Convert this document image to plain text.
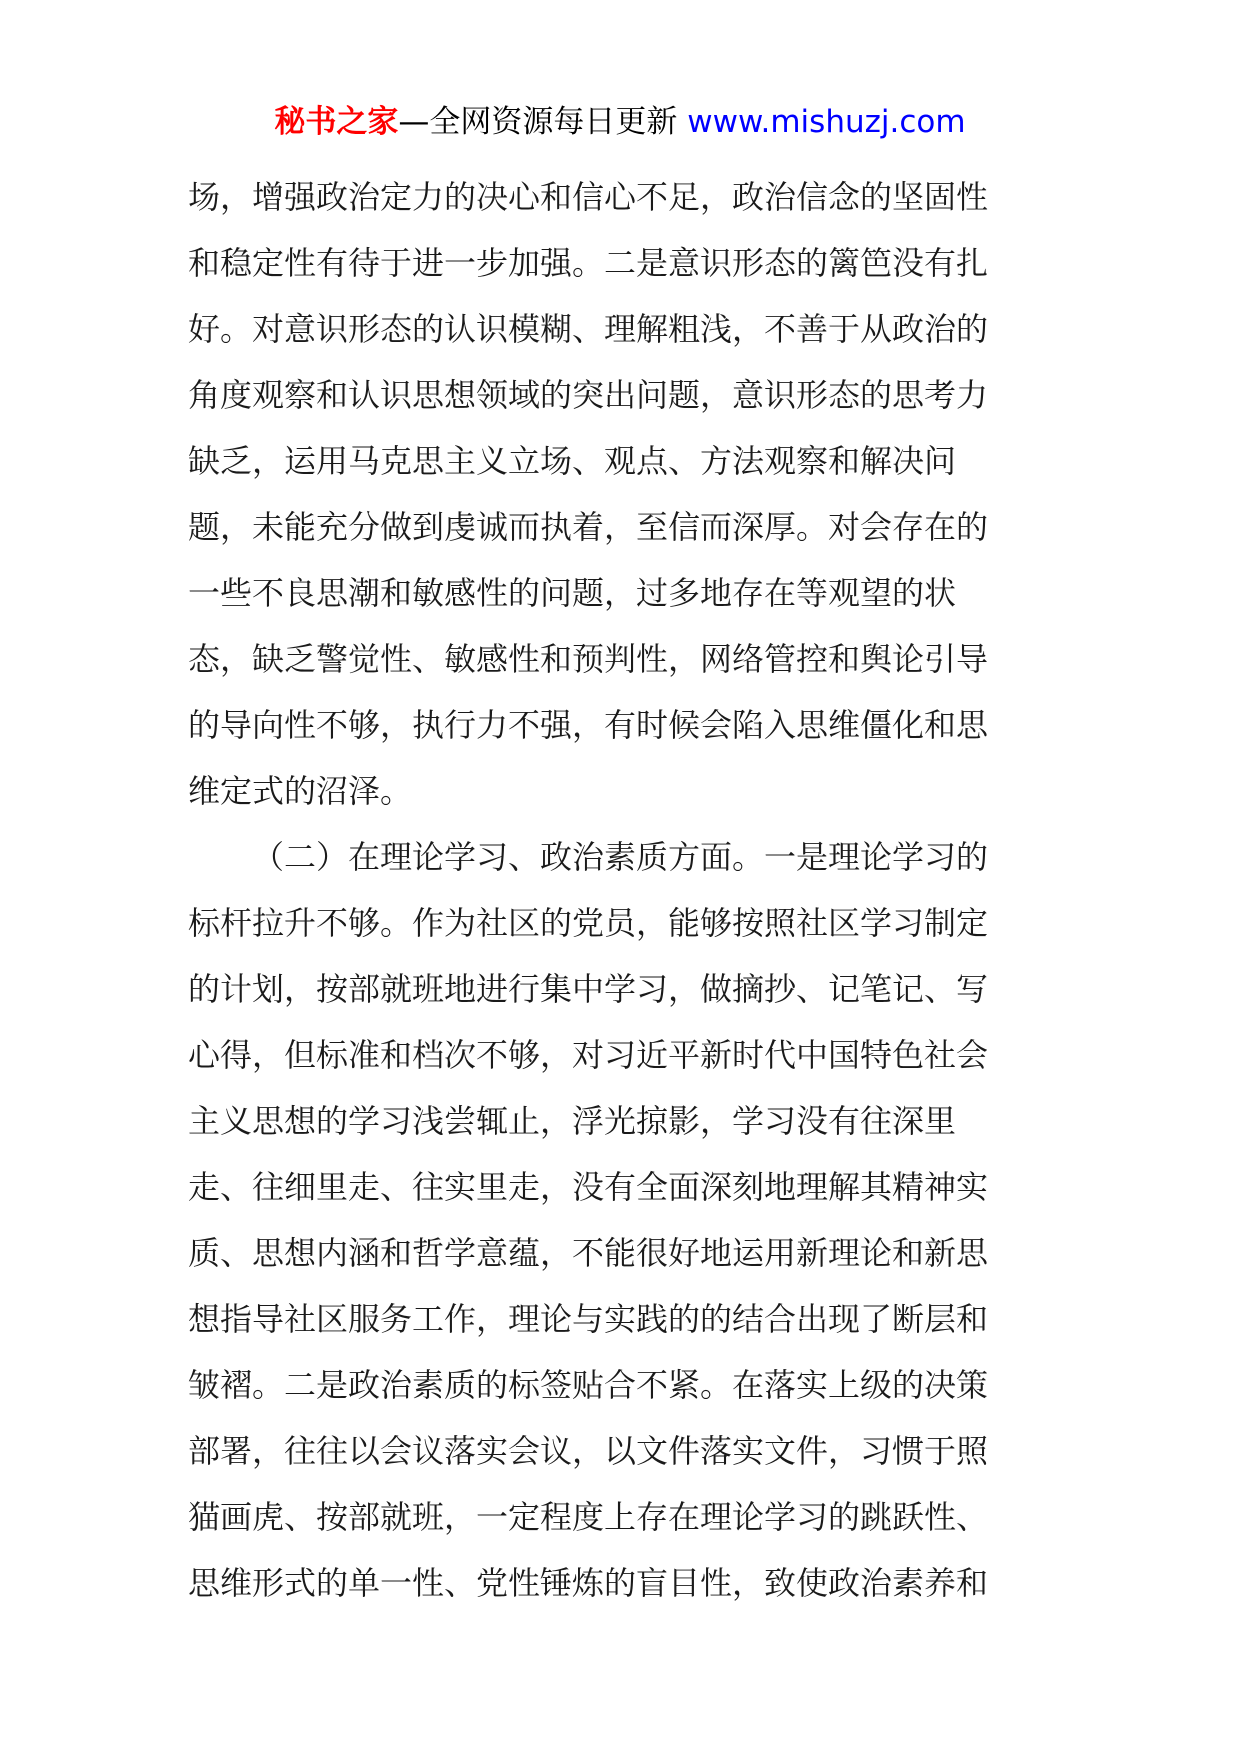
秘书之家—全网资源每日更新 www.mishuzj.com
场，增强政治定力的决心和信心不足，政治信念的坚固性
和稳定性有待于进一步加强。二是意识形态的篱笆没有扎
好。对意识形态的认识模糊、理解粗浅，不善于从政治的
角度观察和认识思想领域的突出问题，意识形态的思考力
缺乏，运用马克思主义立场、观点、方法观察和解决问
题，未能充分做到虔诚而执着，至信而深厚。对会存在的
一些不良思潮和敏感性的问题，过多地存在等观望的状
态，缺乏警觉性、敏感性和预判性，网络管控和舆论引导
的导向性不够，执行力不强，有时候会陷入思维僵化和思
维定式的沼泽。
（二）在理论学习、政治素质方面。一是理论学习的
标杆拉升不够。作为社区的党员，能够按照社区学习制定
的计划，按部就班地进行集中学习，做摘抄、记笔记、写
心得，但标准和档次不够，对习近平新时代中国特色社会
主义思想的学习浅尝辄止，浮光掠影，学习没有往深里
走、往细里走、往实里走，没有全面深刻地理解其精神实
质、思想内涵和哲学意蕴，不能很好地运用新理论和新思
想指导社区服务工作，理论与实践的的结合出现了断层和
皱褶。二是政治素质的标签贴合不紧。在落实上级的决策
部署，往往以会议落实会议，以文件落实文件，习惯于照
猫画虎、按部就班，一定程度上存在理论学习的跳跃性、
思维形式的单一性、党性锤炼的盲目性，致使政治素养和
